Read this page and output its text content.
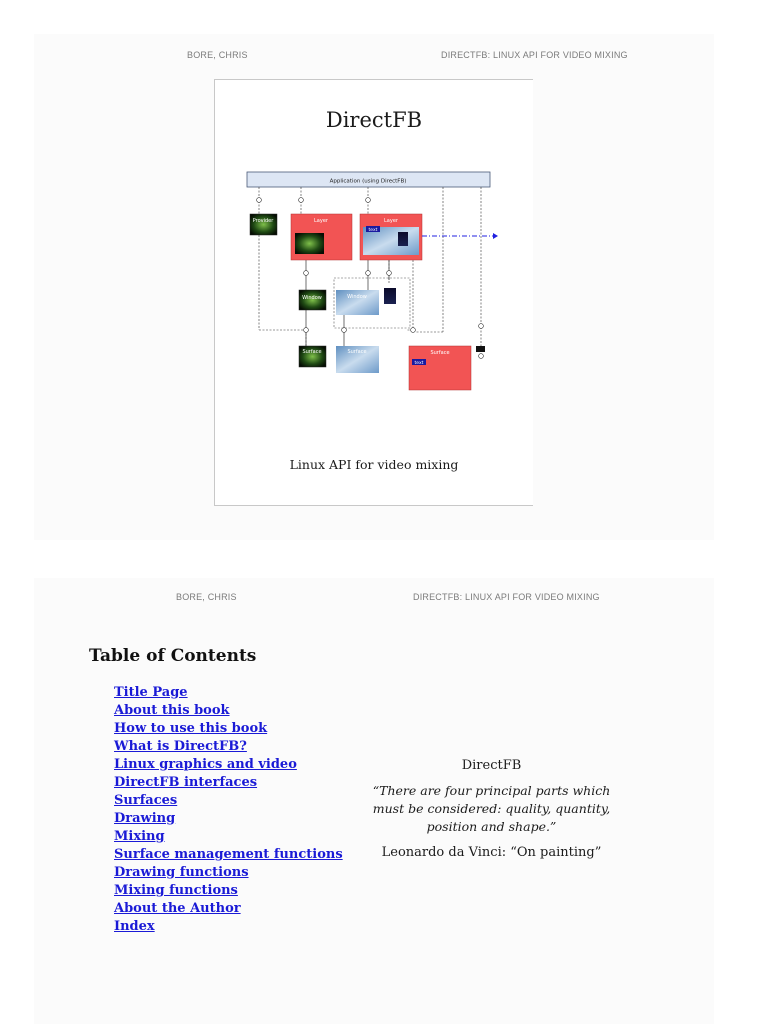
BORE, CHRIS	DIRECTFB: LINUX API FOR VIDEO MIXING
DirectFB
Application (using DirectFB)
Provider	Layer	Layer
text
Window	Window
Surface	Surface	Surface
text
Linux API for video mixing
BORE, CHRIS	DIRECTFB: LINUX API FOR VIDEO MIXING
Table of Contents
Title Page
About this book
How to use this book
What is DirectFB?
Linux graphics and video
DirectFB interfaces
Surfaces
Drawing
Mixing
Surface management functions
Drawing functions
Mixing functions
About the Author
Index
DirectFB
“There are four principal parts which
must be considered: quality, quantity,
position and shape.”
Leonardo da Vinci: “On painting”
